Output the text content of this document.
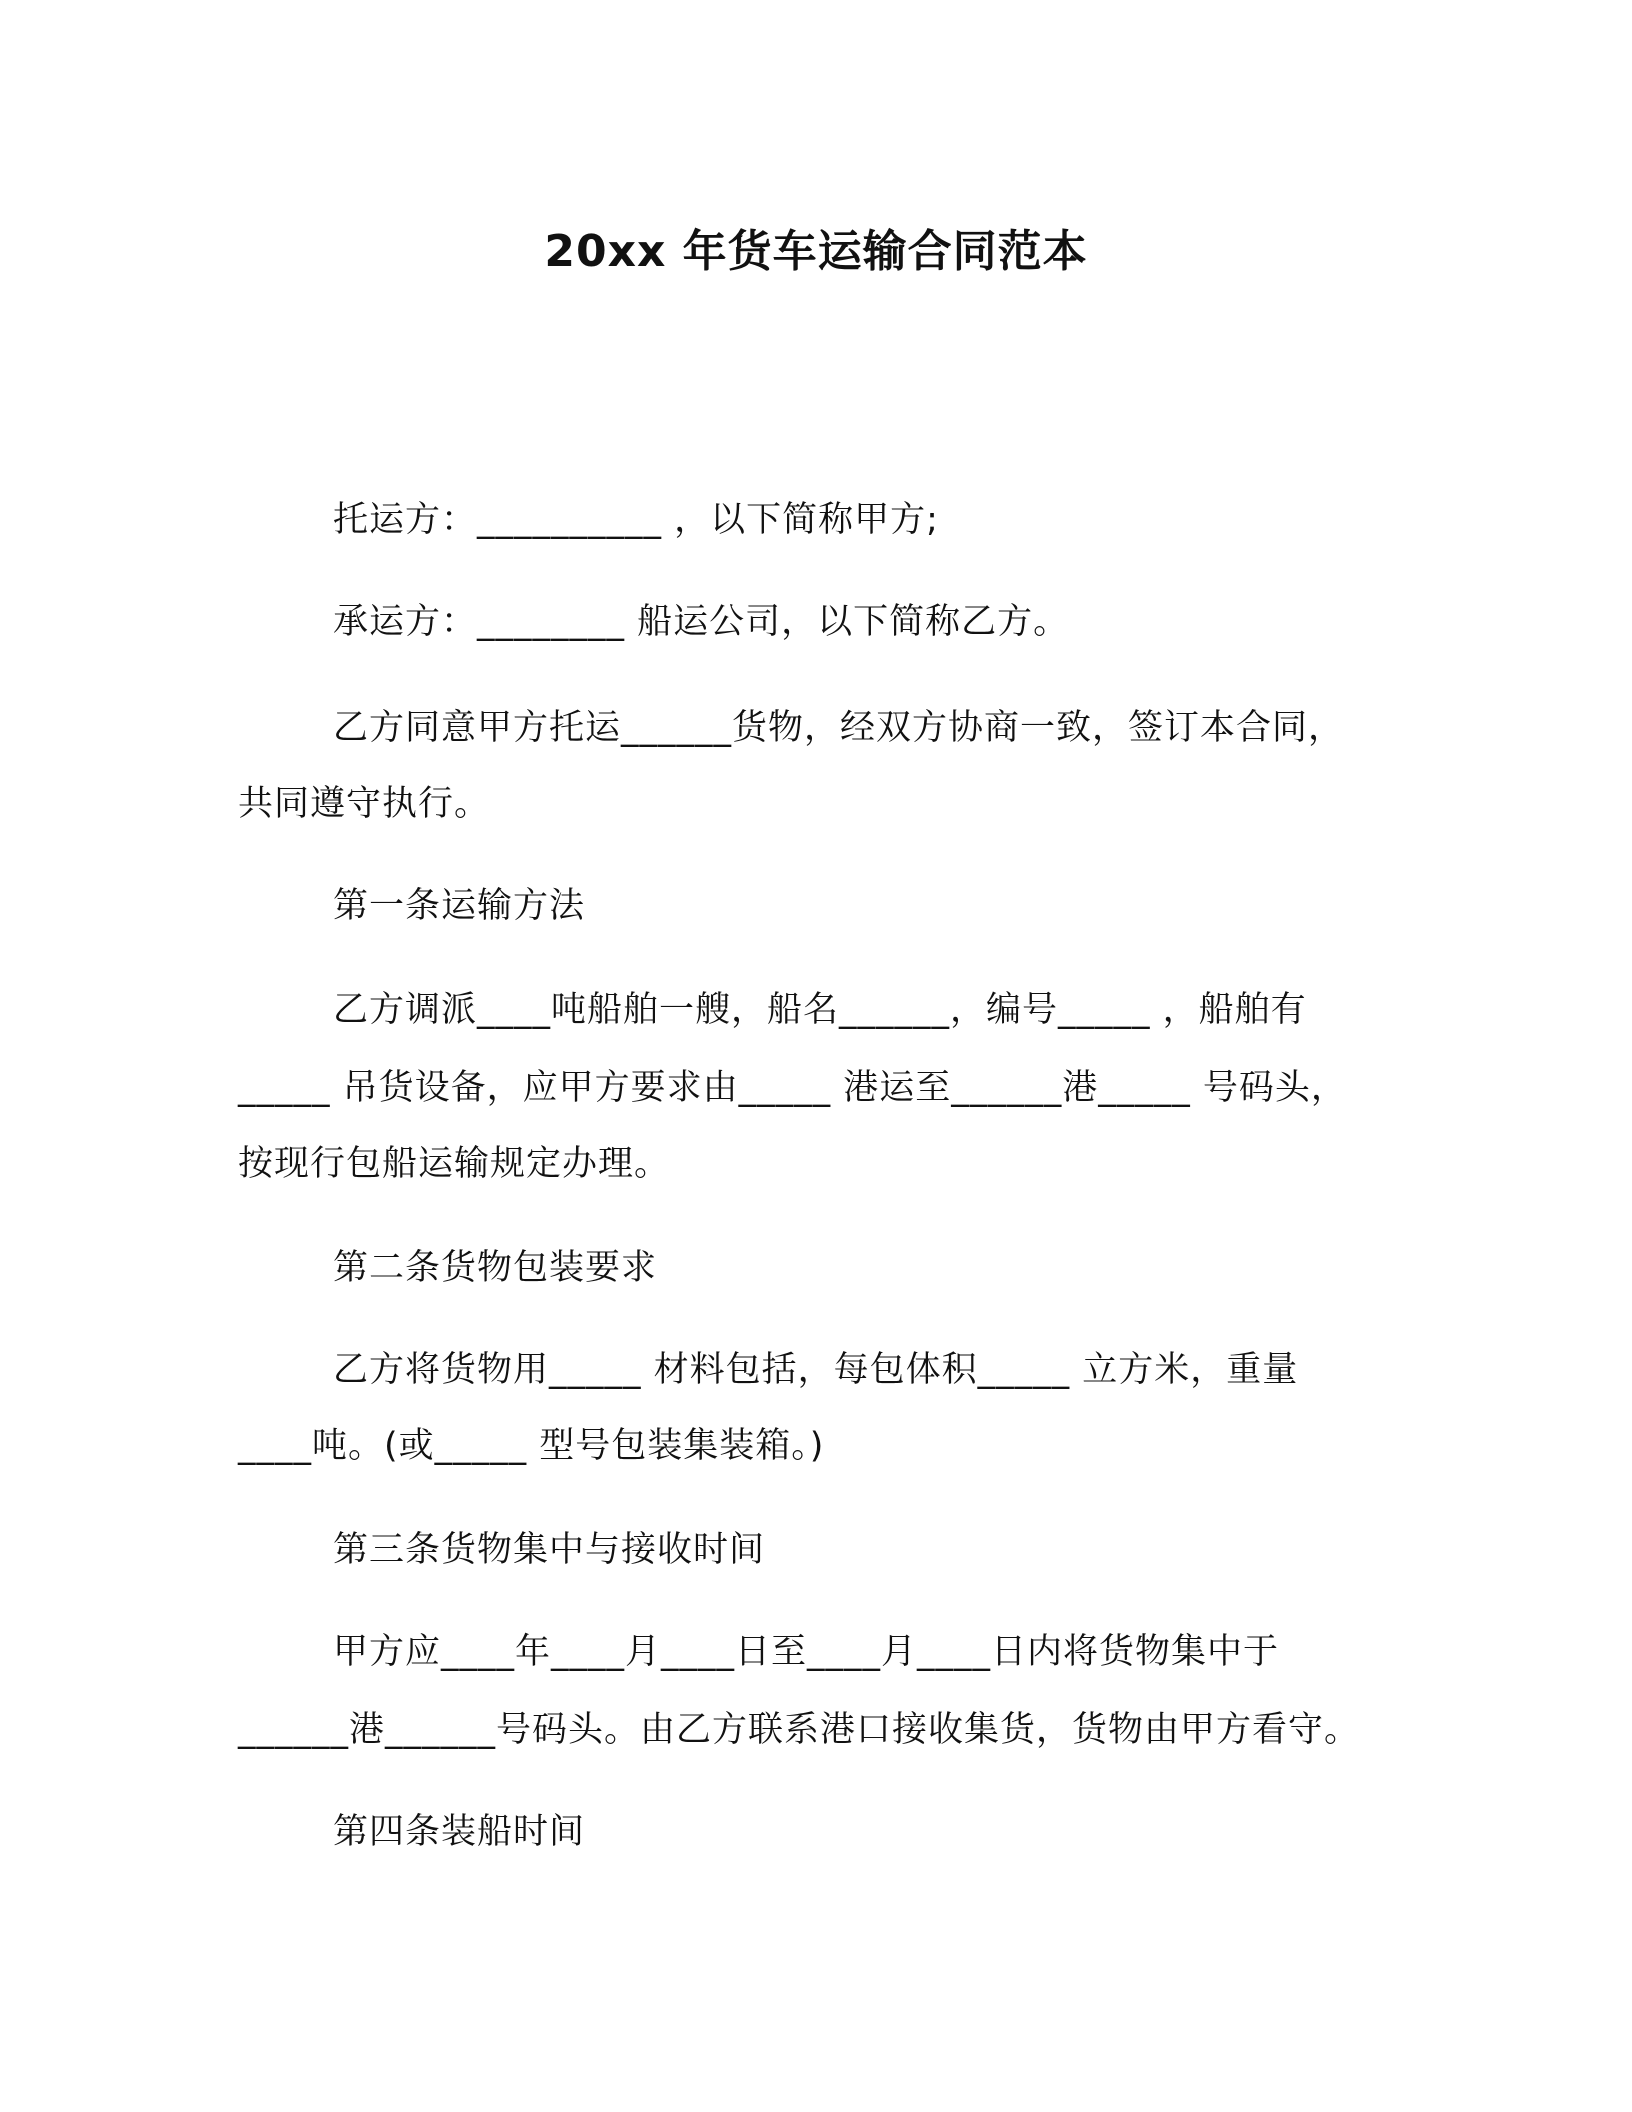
20xx 年货车运输合同范本
托运方：__________ ，以下简称甲方;
承运方：________ 船运公司，以下简称乙方。
乙方同意甲方托运______货物，经双方协商一致，签订本合同，
共同遵守执行。
第一条运输方法
乙方调派____吨船舶一艘，船名______，编号_____ ，船舶有
_____ 吊货设备，应甲方要求由_____ 港运至______港_____ 号码头，
按现行包船运输规定办理。
第二条货物包装要求
乙方将货物用_____ 材料包括，每包体积_____ 立方米，重量
____吨。(或_____ 型号包装集装箱。)
第三条货物集中与接收时间
甲方应____年____月____日至____月____日内将货物集中于
______港______号码头。由乙方联系港口接收集货，货物由甲方看守。
第四条装船时间
